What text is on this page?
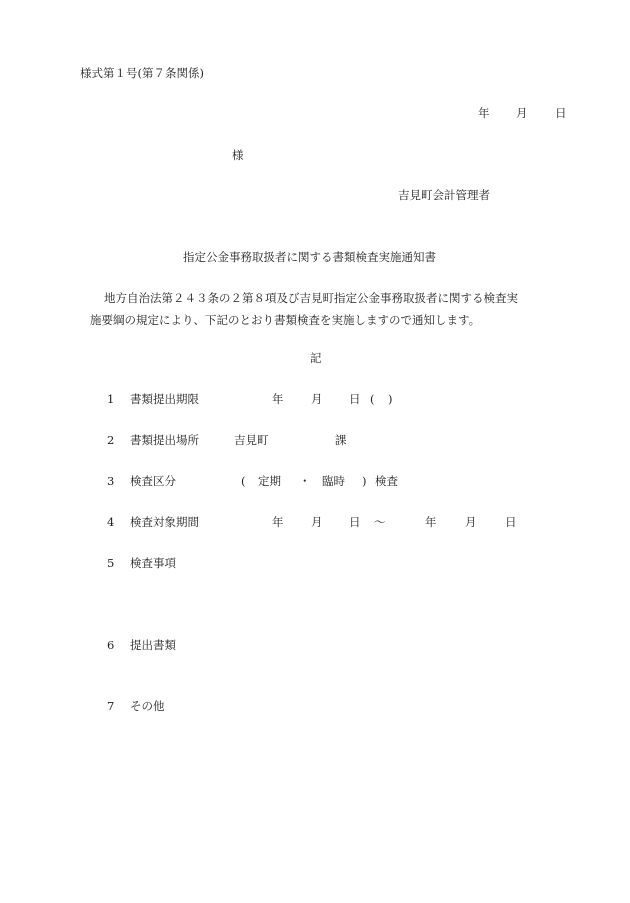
様式第１号(第７条関係)
年 月 日
様
吉見町会計管理者
指定公金事務取扱者に関する書類検査実施通知書
地方自治法第２４３条の２第８項及び吉見町指定公金事務取扱者に関する検査実
施要綱の規定により、下記のとおり書類検査を実施しますので通知します。
記
1 書類提出期限	年 月 日 ( )
2 書類提出場所	吉見町	課
3 検査区分	( 定期 ・ 臨時 ) 検査
4 検査対象期間	年 月 日 ～	年 月 日
5 検査事項
6 提出書類
7 その他
